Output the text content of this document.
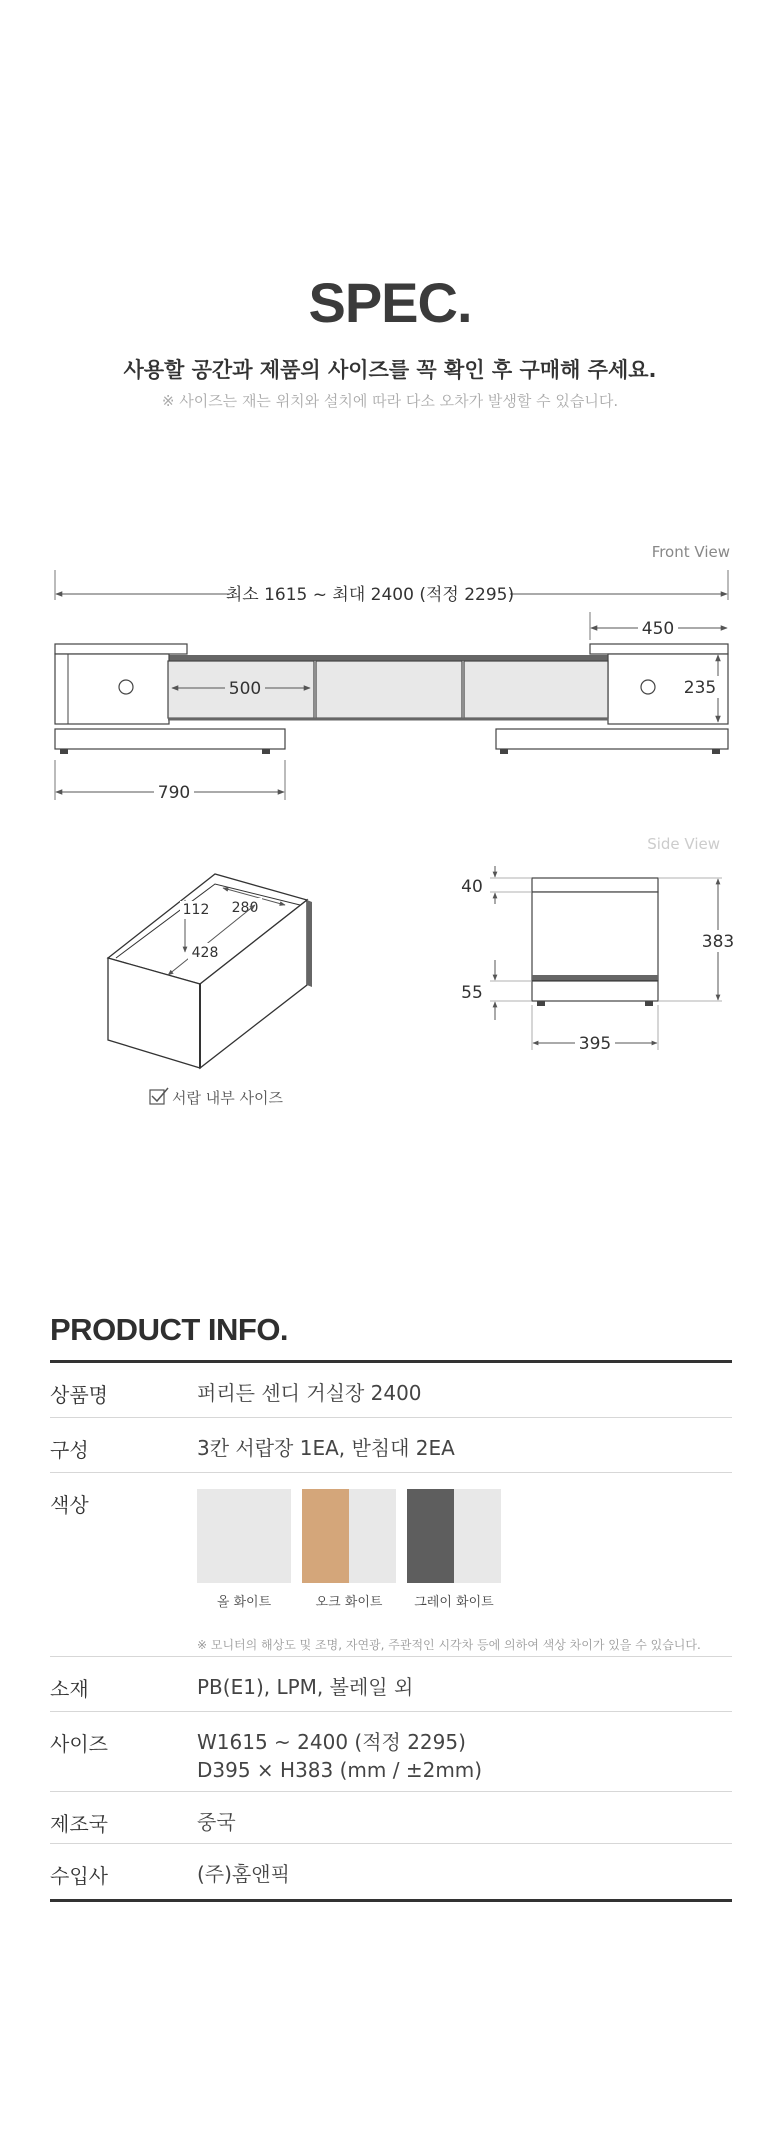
SPEC.
사용할 공간과 제품의 사이즈를 꼭 확인 후 구매해 주세요.
※ 사이즈는 재는 위치와 설치에 따라 다소 오차가 발생할 수 있습니다.
Front View
최소 1615 ~ 최대 2400 (적정 2295)
450
500	235
790
112 280
428
서랍 내부 사이즈
Side View
40
55
383
395
PRODUCT INFO.
상품명	퍼리든 센디 거실장 2400
구성	3칸 서랍장 1EA, 받침대 2EA
색상
올 화이트	오크 화이트	그레이 화이트
※ 모니터의 해상도 및 조명, 자연광, 주관적인 시각차 등에 의하여 색상 차이가 있을 수 있습니다.
소재	PB(E1), LPM, 볼레일 외
사이즈	W1615 ~ 2400 (적정 2295)
D395 × H383 (mm / ±2mm)
제조국	중국
수입사	(주)홈앤픽
